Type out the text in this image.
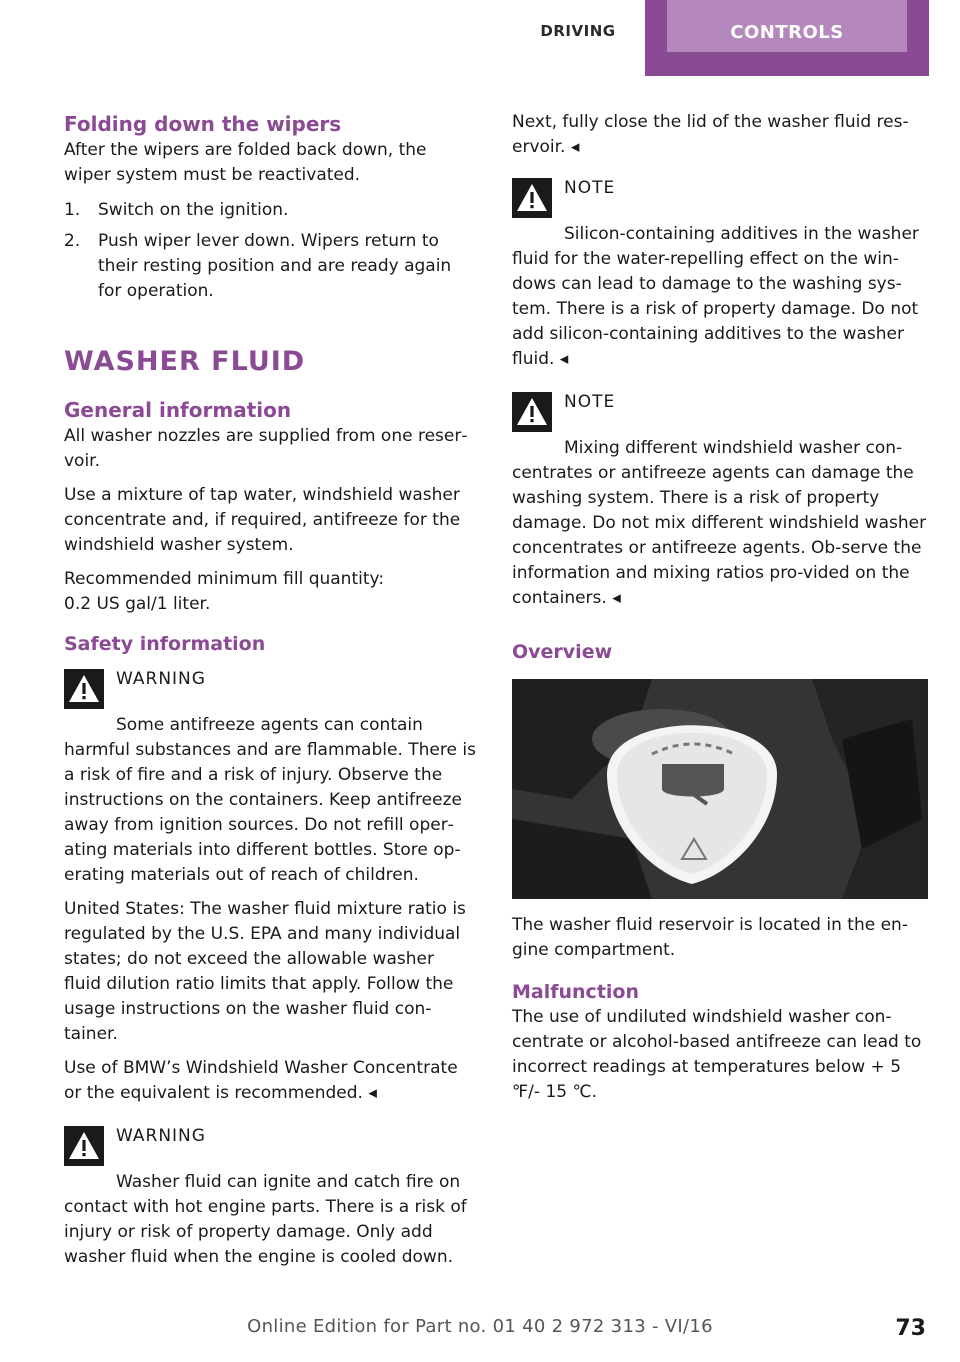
DRIVING	CONTROLS
Folding down the wipers

After the wipers are folded back down, the wiper system must be reactivated.

1.	Switch on the ignition.
2.	Push wiper lever down. Wipers return to their resting position and are ready again for operation.
WASHER FLUID
General information

All washer nozzles are supplied from one reser‐voir.

Use a mixture of tap water, windshield washer concentrate and, if required, antifreeze for the windshield washer system.

Recommended minimum fill quantity:
0.2 US gal/1 liter.

Safety information
WARNING

Some antifreeze agents can contain harmful substances and are flammable. There is a risk of fire and a risk of injury. Observe the instructions on the containers. Keep antifreeze away from ignition sources. Do not refill oper‐ating materials into different bottles. Store op‐erating materials out of reach of children.

United States: The washer fluid mixture ratio is regulated by the U.S. EPA and many individual states; do not exceed the allowable washer fluid dilution ratio limits that apply. Follow the usage instructions on the washer fluid con‐tainer.

Use of BMW’s Windshield Washer Concentrate or the equivalent is recommended. ◂

WARNING

Washer fluid can ignite and catch fire on contact with hot engine parts. There is a risk of injury or risk of property damage. Only add washer fluid when the engine is cooled down.

Next, fully close the lid of the washer fluid res‐ervoir. ◂

NOTE

Silicon-containing additives in the washer fluid for the water-repelling effect on the win‐dows can lead to damage to the washing sys‐tem. There is a risk of property damage. Do not add silicon-containing additives to the washer fluid. ◂

NOTE

Mixing different windshield washer con‐centrates or antifreeze agents can damage the washing system. There is a risk of property damage. Do not mix different windshield washer concentrates or antifreeze agents. Ob‐serve the information and mixing ratios pro‐vided on the containers. ◂

Overview

The washer fluid reservoir is located in the en‐gine compartment.

Malfunction

The use of undiluted windshield washer con‐centrate or alcohol-based antifreeze can lead to incorrect readings at temperatures below + 5 ℉/- 15 ℃.

Online Edition for Part no. 01 40 2 972 313 - VI/16	73
